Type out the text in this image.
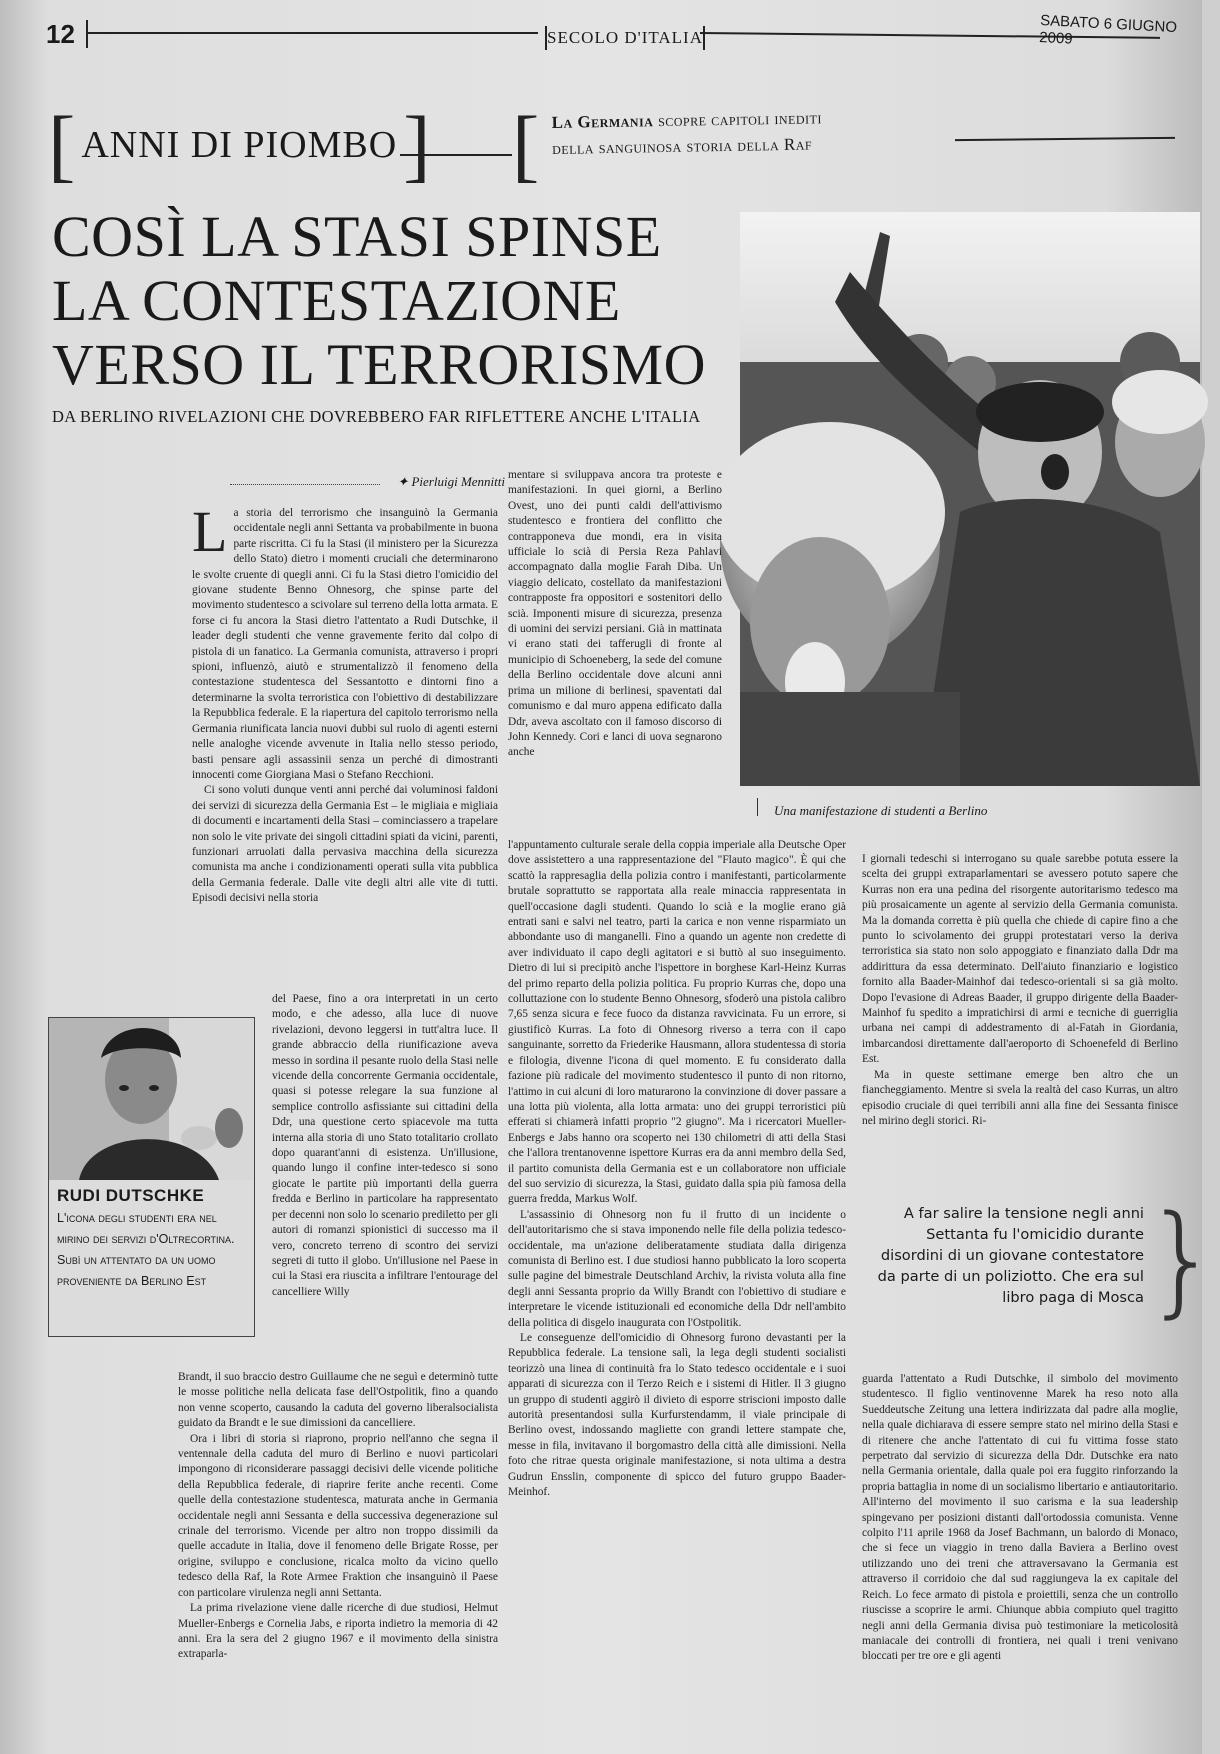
12	SECOLO D'ITALIA
SABATO 6 GIUGNO 2009
[ ANNI DI PIOMBO ] [ La Germania scopre capitoli inediti
della sanguinosa storia della Raf
COSÌ LA STASI SPINSE
LA CONTESTAZIONE
VERSO IL TERRORISMO
DA BERLINO RIVELAZIONI CHE DOVREBBERO FAR RIFLETTERE ANCHE L'ITALIA
Una manifestazione di studenti a Berlino
✦ Pierluigi Mennitti

La storia del terrorismo che insanguinò la Germania occidentale negli anni Settanta va probabilmente in buona parte riscritta. Ci fu la Stasi (il ministero per la Sicurezza dello Stato) dietro i momenti cruciali che determinarono le svolte cruente di quegli anni. Ci fu la Stasi dietro l'omicidio del giovane studente Benno Ohnesorg, che spinse parte del movimento studentesco a scivolare sul terreno della lotta armata. E forse ci fu ancora la Stasi dietro l'attentato a Rudi Dutschke, il leader degli studenti che venne gravemente ferito dal colpo di pistola di un fanatico. La Germania comunista, attraverso i propri spioni, influenzò, aiutò e strumentalizzò il fenomeno della contestazione studentesca del Sessantotto e dintorni fino a determinarne la svolta terroristica con l'obiettivo di destabilizzare la Repubblica federale. E la riapertura del capitolo terrorismo nella Germania riunificata lancia nuovi dubbi sul ruolo di agenti esterni nelle analoghe vicende avvenute in Italia nello stesso periodo, basti pensare agli assassinii senza un perché di dimostranti innocenti come Giorgiana Masi o Stefano Recchioni.

Ci sono voluti dunque venti anni perché dai voluminosi faldoni dei servizi di sicurezza della Germania Est – le migliaia e migliaia di documenti e incartamenti della Stasi – cominciassero a trapelare non solo le vite private dei singoli cittadini spiati da vicini, parenti, funzionari arruolati dalla pervasiva macchina della sicurezza comunista ma anche i condizionamenti operati sulla vita pubblica della Germania federale. Dalle vite degli altri alle vite di tutti. Episodi decisivi nella storia

RUDI DUTSCHKE
L'icona degli studenti era nel mirino dei servizi d'Oltrecortina. Subì un attentato da un uomo proveniente da Berlino Est

del Paese, fino a ora interpretati in un certo modo, e che adesso, alla luce di nuove rivelazioni, devono leggersi in tutt'altra luce. Il grande abbraccio della riunificazione aveva messo in sordina il pesante ruolo della Stasi nelle vicende della concorrente Germania occidentale, quasi si potesse relegare la sua funzione al semplice controllo asfissiante sui cittadini della Ddr, una questione certo spiacevole ma tutta interna alla storia di uno Stato totalitario crollato dopo quarant'anni di esistenza. Un'illusione, quando lungo il confine inter-tedesco si sono giocate le partite più importanti della guerra fredda e Berlino in particolare ha rappresentato per decenni non solo lo scenario prediletto per gli autori di romanzi spionistici di successo ma il vero, concreto terreno di scontro dei servizi segreti di tutto il globo. Un'illusione nel Paese in cui la Stasi era riuscita a infiltrare l'entourage del cancelliere Willy

Brandt, il suo braccio destro Guillaume che ne seguì e determinò tutte le mosse politiche nella delicata fase dell'Ostpolitik, fino a quando non venne scoperto, causando la caduta del governo liberalsocialista guidato da Brandt e le sue dimissioni da cancelliere.

Ora i libri di storia si riaprono, proprio nell'anno che segna il ventennale della caduta del muro di Berlino e nuovi particolari impongono di riconsiderare passaggi decisivi delle vicende politiche della Repubblica federale, di riaprire ferite anche recenti. Come quelle della contestazione studentesca, maturata anche in Germania occidentale negli anni Sessanta e della successiva degenerazione sul crinale del terrorismo. Vicende per altro non troppo dissimili da quelle accadute in Italia, dove il fenomeno delle Brigate Rosse, per origine, sviluppo e conclusione, ricalca molto da vicino quello tedesco della Raf, la Rote Armee Fraktion che insanguinò il Paese con particolare virulenza negli anni Settanta.

La prima rivelazione viene dalle ricerche di due studiosi, Helmut Mueller-Enbergs e Cornelia Jabs, e riporta indietro la memoria di 42 anni. Era la sera del 2 giugno 1967 e il movimento della sinistra extraparla-

mentare si sviluppava ancora tra proteste e manifestazioni. In quei giorni, a Berlino Ovest, uno dei punti caldi dell'attivismo studentesco e frontiera del conflitto che contrapponeva due mondi, era in visita ufficiale lo scià di Persia Reza Pahlavi accompagnato dalla moglie Farah Diba. Un viaggio delicato, costellato da manifestazioni contrapposte fra oppositori e sostenitori dello scià. Imponenti misure di sicurezza, presenza di uomini dei servizi persiani. Già in mattinata vi erano stati dei tafferugli di fronte al municipio di Schoeneberg, la sede del comune della Berlino occidentale dove alcuni anni prima un milione di berlinesi, spaventati dal comunismo e dal muro appena edificato dalla Ddr, aveva ascoltato con il famoso discorso di John Kennedy. Cori e lanci di uova segnarono anche

l'appuntamento culturale serale della coppia imperiale alla Deutsche Oper dove assistettero a una rappresentazione del "Flauto magico". È qui che scattò la rappresaglia della polizia contro i manifestanti, particolarmente brutale soprattutto se rapportata alla reale minaccia rappresentata in quell'occasione dagli studenti. Quando lo scià e la moglie erano già entrati sani e salvi nel teatro, parti la carica e non venne risparmiato un abbondante uso di manganelli. Fino a quando un agente non credette di aver individuato il capo degli agitatori e si buttò al suo inseguimento. Dietro di lui si precipitò anche l'ispettore in borghese Karl-Heinz Kurras del primo reparto della polizia politica. Fu proprio Kurras che, dopo una colluttazione con lo studente Benno Ohnesorg, sfoderò una pistola calibro 7,65 senza sicura e fece fuoco da distanza ravvicinata. Fu un errore, si giustificò Kurras. La foto di Ohnesorg riverso a terra con il capo sanguinante, sorretto da Friederike Hausmann, allora studentessa di storia e filologia, divenne l'icona di quel momento. E fu considerato dalla fazione più radicale del movimento studentesco il punto di non ritorno, l'attimo in cui alcuni di loro maturarono la convinzione di dover passare a una lotta più violenta, alla lotta armata: uno dei gruppi terroristici più efferati si chiamerà infatti proprio "2 giugno". Ma i ricercatori Mueller-Enbergs e Jabs hanno ora scoperto nei 130 chilometri di atti della Stasi che l'allora trentanovenne ispettore Kurras era da anni membro della Sed, il partito comunista della Germania est e un collaboratore non ufficiale del suo servizio di sicurezza, la Stasi, guidato dalla spia più famosa della guerra fredda, Markus Wolf.

L'assassinio di Ohnesorg non fu il frutto di un incidente o dell'autoritarismo che si stava imponendo nelle file della polizia tedesco-occidentale, ma un'azione deliberatamente studiata dalla dirigenza comunista di Berlino est. I due studiosi hanno pubblicato la loro scoperta sulle pagine del bimestrale Deutschland Archiv, la rivista voluta alla fine degli anni Sessanta proprio da Willy Brandt con l'obiettivo di studiare e interpretare le vicende istituzionali ed economiche della Ddr nell'ambito della politica di disgelo inaugurata con l'Ostpolitik.

Le conseguenze dell'omicidio di Ohnesorg furono devastanti per la Repubblica federale. La tensione salì, la lega degli studenti socialisti teorizzò una linea di continuità fra lo Stato tedesco occidentale e i suoi apparati di sicurezza con il Terzo Reich e i sistemi di Hitler. Il 3 giugno un gruppo di studenti aggirò il divieto di esporre striscioni imposto dalle autorità presentandosi sulla Kurfurstendamm, il viale principale di Berlino ovest, indossando magliette con grandi lettere stampate che, messe in fila, invitavano il borgomastro della città alle dimissioni. Nella foto che ritrae questa originale manifestazione, si nota ultima a destra Gudrun Ensslin, componente di spicco del futuro gruppo Baader-Meinhof.

I giornali tedeschi si interrogano su quale sarebbe potuta essere la scelta dei gruppi extraparlamentari se avessero potuto sapere che Kurras non era una pedina del risorgente autoritarismo tedesco ma più prosaicamente un agente al servizio della Germania comunista. Ma la domanda corretta è più quella che chiede di capire fino a che punto lo scivolamento dei gruppi protestatari verso la deriva terroristica sia stato non solo appoggiato e finanziato dalla Ddr ma addirittura da essa determinato. Dell'aiuto finanziario e logistico fornito alla Baader-Mainhof dai tedesco-orientali si sa già molto. Dopo l'evasione di Adreas Baader, il gruppo dirigente della Baader-Mainhof fu spedito a impratichirsi di armi e tecniche di guerriglia urbana nei campi di addestramento di al-Fatah in Giordania, imbarcandosi direttamente dall'aeroporto di Schoenefeld di Berlino Est.

Ma in queste settimane emerge ben altro che un fiancheggiamento. Mentre si svela la realtà del caso Kurras, un altro episodio cruciale di quei terribili anni alla fine dei Sessanta finisce nel mirino degli storici. Ri-

A far salire la tensione negli anni Settanta fu l'omicidio durante disordini di un giovane contestatore da parte di un poliziotto. Che era sul libro paga di Mosca }

guarda l'attentato a Rudi Dutschke, il simbolo del movimento studentesco. Il figlio ventinovenne Marek ha reso noto alla Sueddeutsche Zeitung una lettera indirizzata dal padre alla moglie, nella quale dichiarava di essere sempre stato nel mirino della Stasi e di ritenere che anche l'attentato di cui fu vittima fosse stato perpetrato dal servizio di sicurezza della Ddr. Dutschke era nato nella Germania orientale, dalla quale poi era fuggito rinforzando la propria battaglia in nome di un socialismo libertario e antiautoritario. All'interno del movimento il suo carisma e la sua leadership spingevano per posizioni distanti dall'ortodossia comunista. Venne colpito l'11 aprile 1968 da Josef Bachmann, un balordo di Monaco, che si fece un viaggio in treno dalla Baviera a Berlino ovest utilizzando uno dei treni che attraversavano la Germania est attraverso il corridoio che dal sud raggiungeva la ex capitale del Reich. Lo fece armato di pistola e proiettili, senza che un controllo riuscisse a scoprire le armi. Chiunque abbia compiuto quel tragitto negli anni della Germania divisa può testimoniare la meticolosità maniacale dei controlli di frontiera, nei quali i treni venivano bloccati per tre ore e gli agenti
